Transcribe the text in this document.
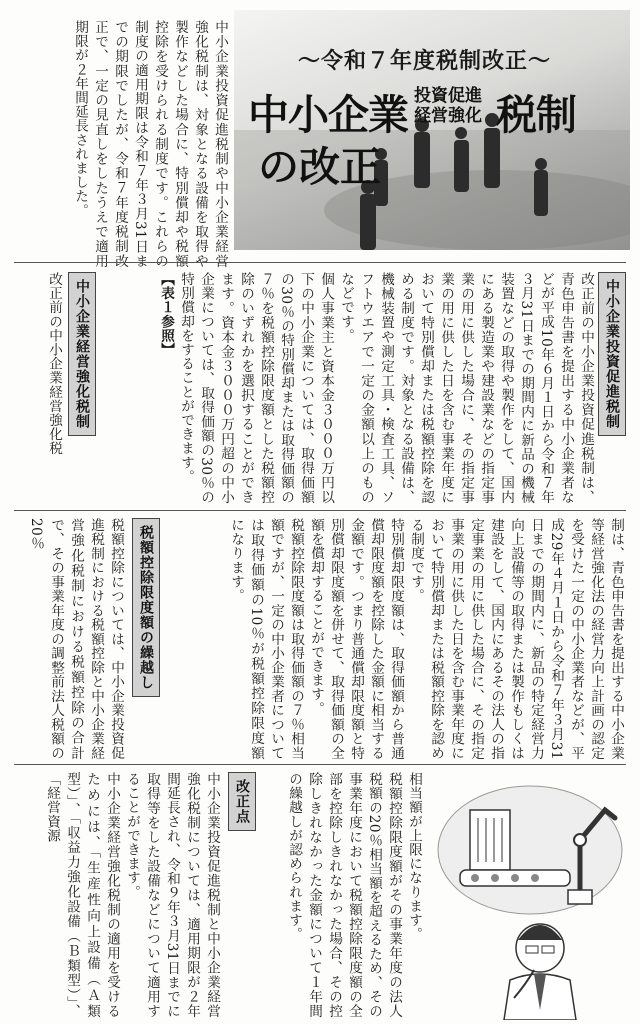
中小企業投資促進税制や中小企業経営強化税制は、対象となる設備を取得や製作などした場合に、特別償却や税額控除を受けられる制度です。これらの制度の適用期限は令和７年３月31日までの期限でしたが、令和７年度税制改正で、一定の見直しをしたうえで適用期限が２年間延長されました。	〜令和７年度税制改正〜
中小企業 投資促進
経営強化 税制
の改正
中小企業投資促進税制

改正前の中小企業投資促進税制は、青色申告書を提出する中小企業者などが平成10年６月１日から令和７年３月31日までの期間内に新品の機械装置などの取得や製作をして、国内にある製造業や建設業などの指定事業の用に供した場合に、その指定事業の用に供した日を含む事業年度において特別償却または税額控除を認める制度です。対象となる設備は、機械装置や測定工具・検査工具、ソフトウエアで一定の金額以上のものなどです。

個人事業主と資本金３０００万円以下の中小企業については、取得価額の30％の特別償却または取得価額の７％を税額控除限度額とした税額控除のいずれかを選択することができます。資本金３０００万円超の中小企業については、取得価額の30％の特別償却をすることができます。

【表１参照】

中小企業経営強化税制

改正前の中小企業経営強化税

制は、青色申告書を提出する中小企業等経営強化法の経営力向上計画の認定を受けた一定の中小企業者などが、平成29年４月１日から令和７年３月31日までの期間内に、新品の特定経営力向上設備等の取得または製作もしくは建設をして、国内にあるその法人の指定事業の用に供した場合に、その指定事業の用に供した日を含む事業年度において特別償却または税額控除を認める制度です。

特別償却限度額は、取得価額から普通償却限度額を控除した金額に相当する金額です。つまり普通償却限度額と特別償却限度額を併せて、取得価額の全額を償却することができます。

税額控除限度額は取得価額の７％相当額ですが、一定の中小企業者については取得価額の10％が税額控除限度額になります。

税額控除限度額の繰越し

税額控除については、中小企業投資促進税制における税額控除と中小企業経営強化税制における税額控除の合計で、その事業年度の調整前法人税額の20％

相当額が上限になります。

税額控除限度額がその事業年度の法人税額の20％相当額を超えるため、その事業年度において税額控除限度額の全部を控除しきれなかった場合、その控除しきれなかった金額について１年間の繰越しが認められます。

改正点

中小企業投資促進税制と中小企業経営強化税制については、適用期限が２年間延長され、令和９年３月31日までに取得等をした設備などについて適用することができます。

中小企業経営強化税制の適用を受けるためには、「生産性向上設備（Ａ類型）」、「収益力強化設備（Ｂ類型）」、「経営資源
